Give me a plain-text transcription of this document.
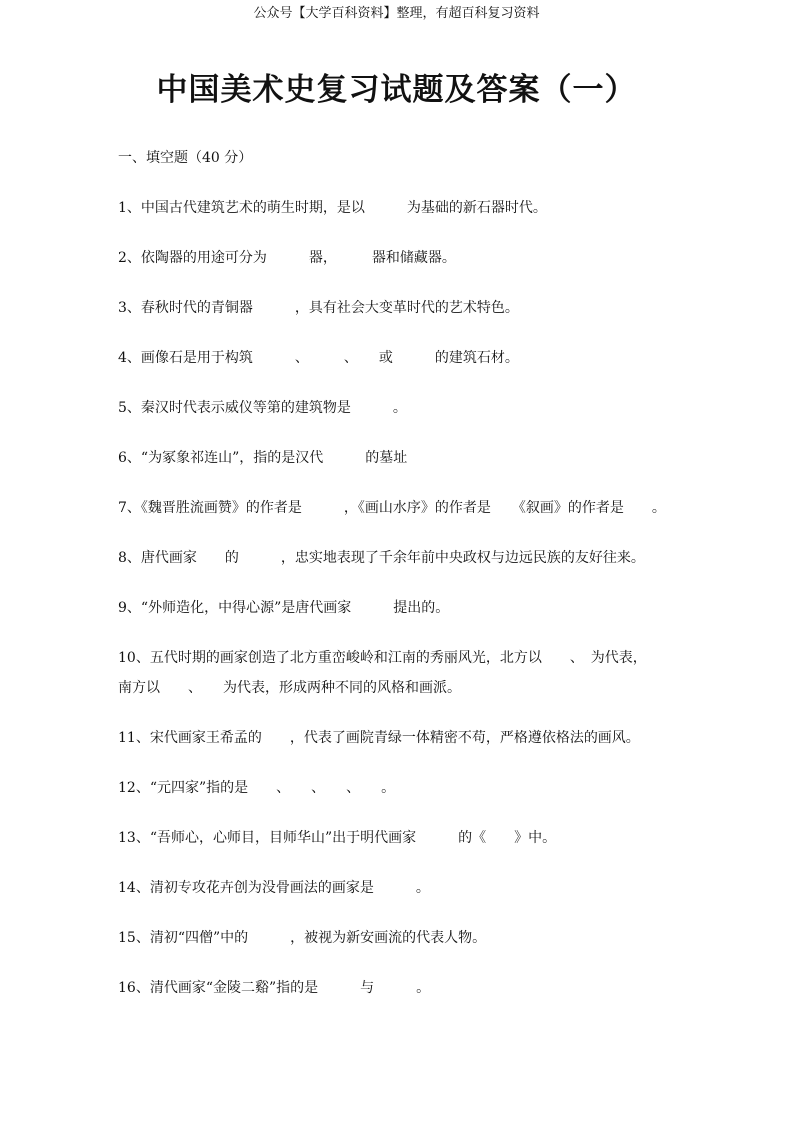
公众号【大学百科资料】整理，有超百科复习资料
中国美术史复习试题及答案（一）
一、填空题（40 分）
1、中国古代建筑艺术的萌生时期，是以　　　为基础的新石器时代。
2、依陶器的用途可分为　　　器，　　　器和储藏器。
3、春秋时代的青铜器　　　，具有社会大变革时代的艺术特色。
4、画像石是用于构筑　　　、　　　、　　或　　　的建筑石材。
5、秦汉时代表示威仪等第的建筑物是　　　。
6、“为冢象祁连山”，指的是汉代　　　的墓址
7、《魏晋胜流画赞》的作者是　　　，《画山水序》的作者是　　《叙画》的作者是　　。
8、唐代画家　　的　　　，忠实地表现了千余年前中央政权与边远民族的友好往来。
9、“外师造化，中得心源”是唐代画家　　　提出的。
10、五代时期的画家创造了北方重峦峻岭和江南的秀丽风光，北方以　　、　为代表，
南方以　　、　　为代表，形成两种不同的风格和画派。
11、宋代画家王希孟的　　，代表了画院青绿一体精密不苟，严格遵依格法的画风。
12、“元四家”指的是　　、　　、　　、　　。
13、“吾师心，心师目，目师华山”出于明代画家　　　的《　　》中。
14、清初专攻花卉创为没骨画法的画家是　　　。
15、清初“四僧”中的　　　，被视为新安画流的代表人物。
16、清代画家“金陵二谿”指的是　　　与　　　。
